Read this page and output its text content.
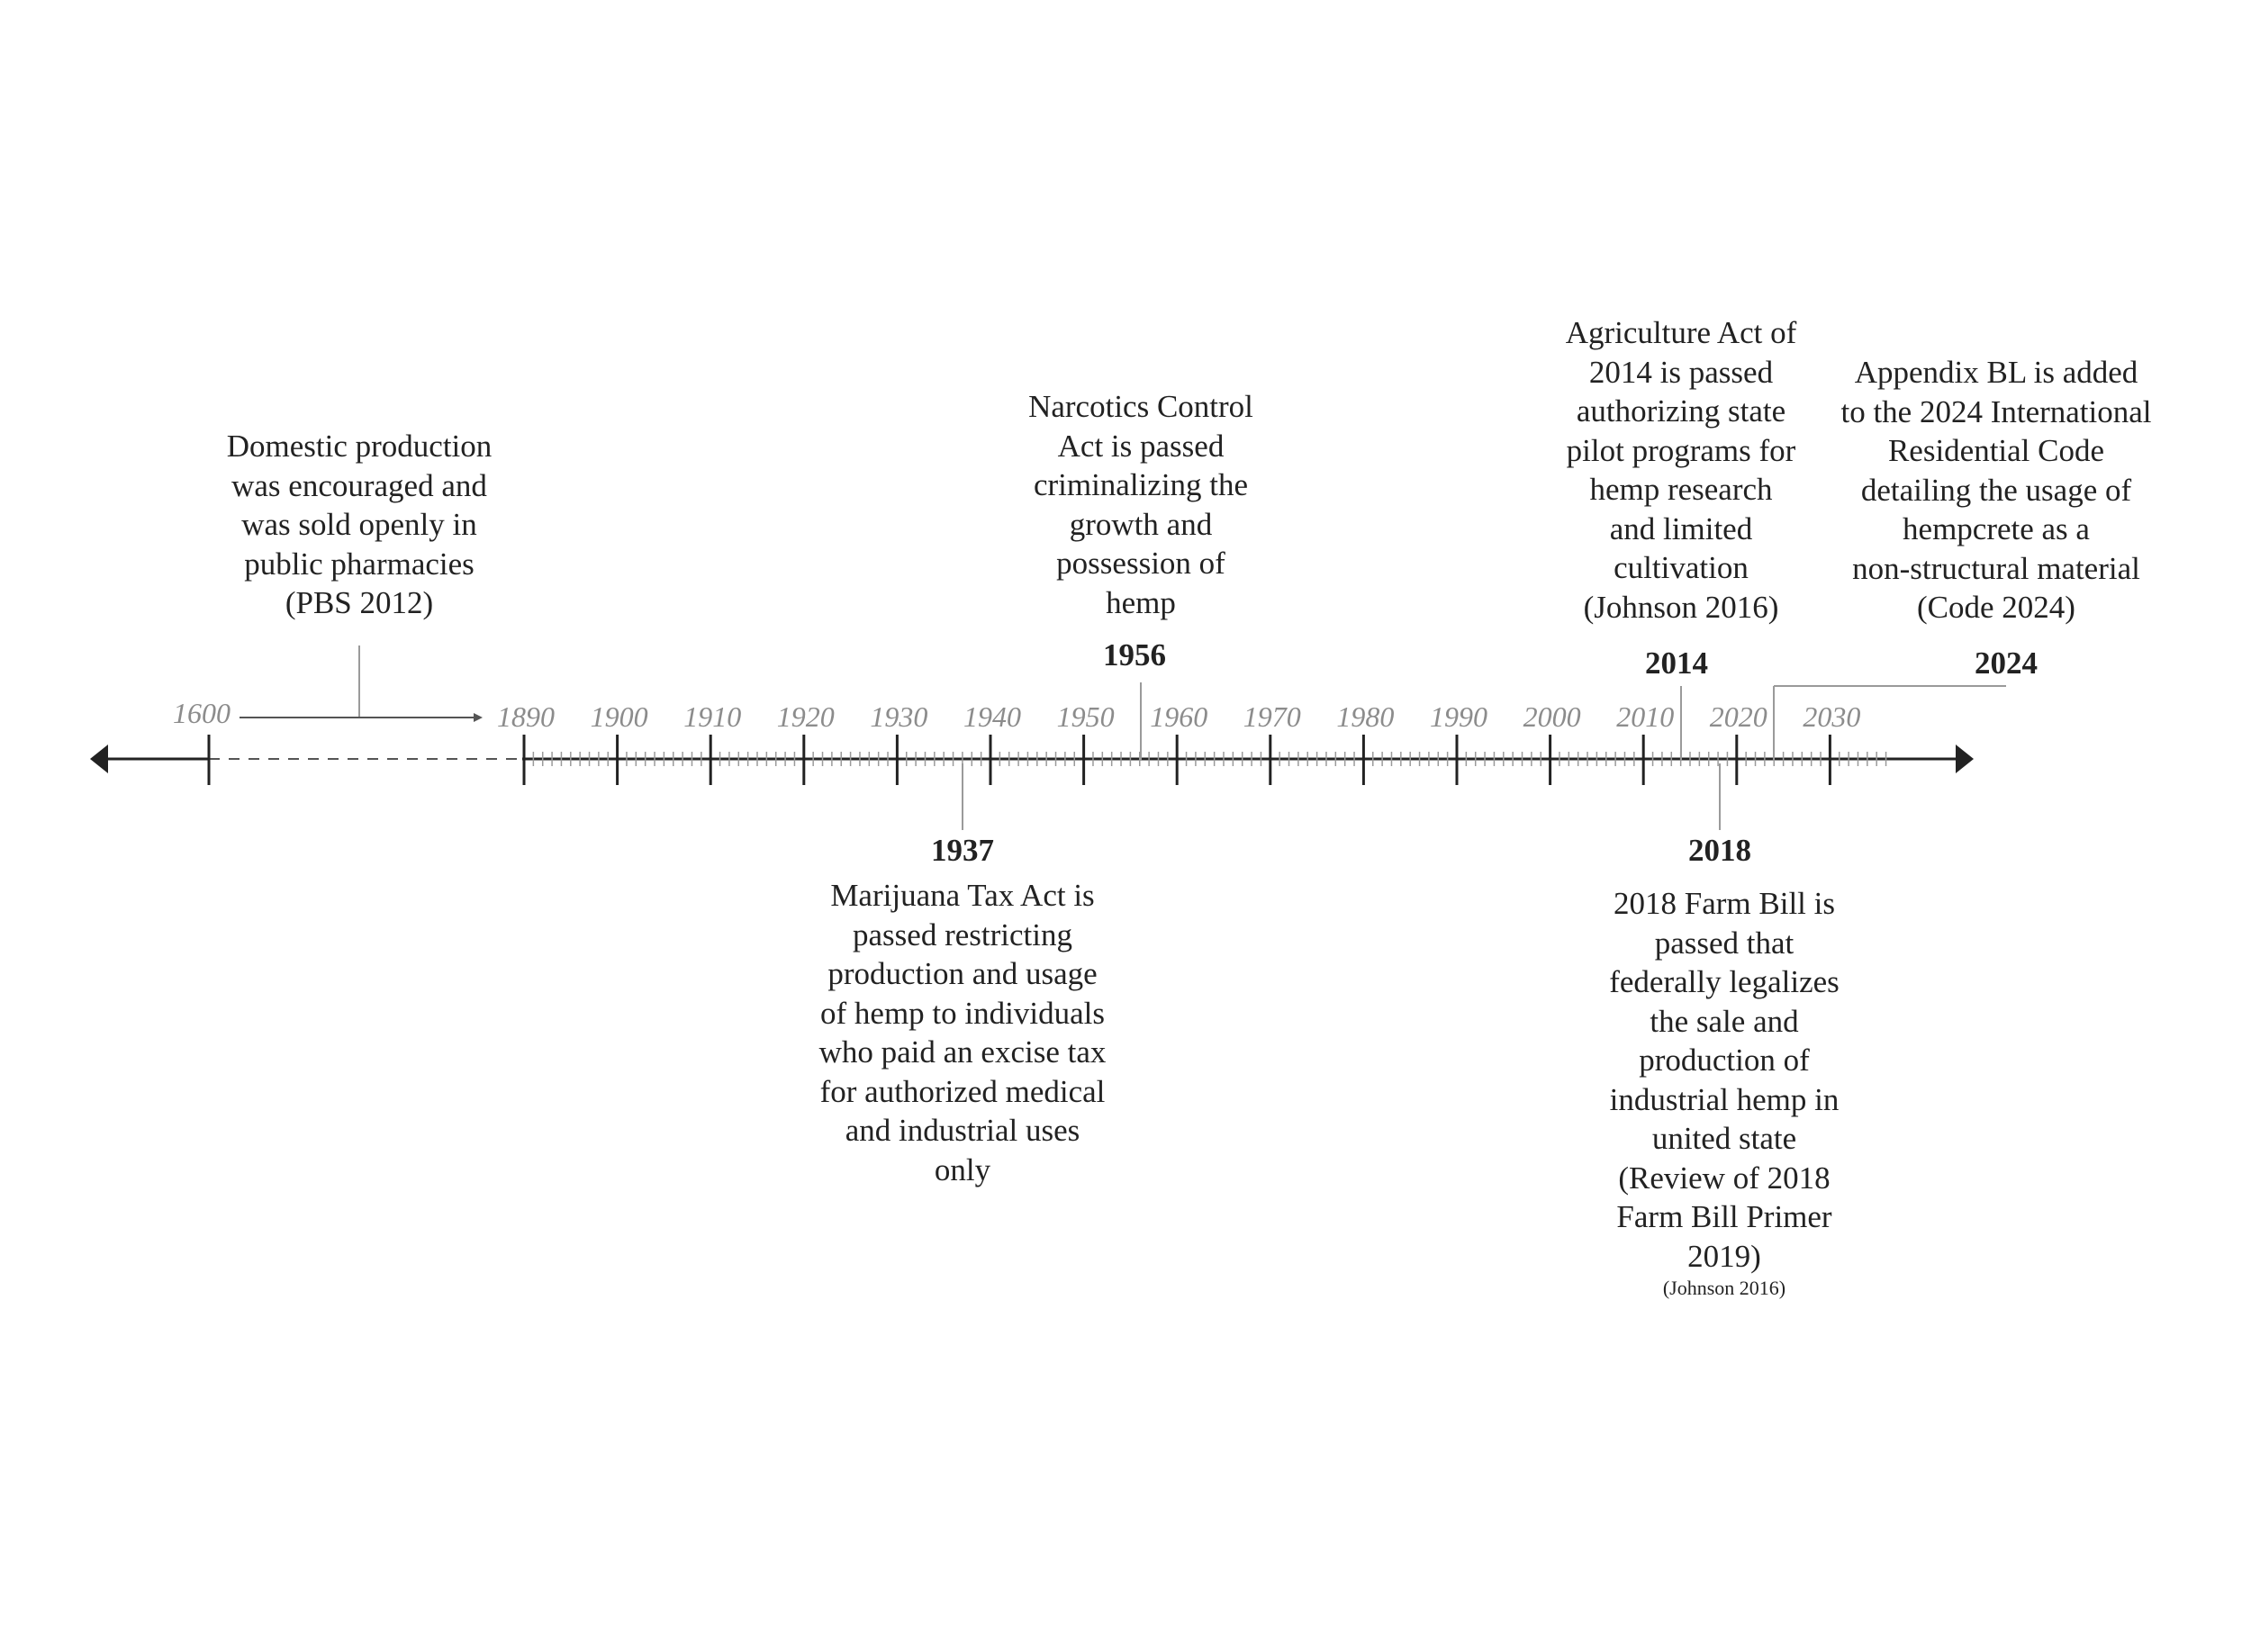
1600	1890	1900	1910	1920	1930	1940	1950	1960	1970	1980	1990	2000	2010	2020	2030
Domestic production
was encouraged and
was sold openly in
public pharmacies
(PBS 2012)
1937
Marijuana Tax Act is
passed restricting
production and usage
of hemp to individuals
who paid an excise tax
for authorized medical
and industrial uses
only
Narcotics Control
Act is passed
criminalizing the
growth and
possession of
hemp
1956
Agriculture Act of
2014 is passed
authorizing state
pilot programs for
hemp research
and limited
cultivation
(Johnson 2016)
2014
2018
2018 Farm Bill is
passed that
federally legalizes
the sale and
production of
industrial hemp in
united state
(Review of 2018
Farm Bill Primer
2019)
(Johnson 2016)
Appendix BL is added
to the 2024 International
Residential Code
detailing the usage of
hempcrete as a
non-structural material
(Code 2024)
2024
